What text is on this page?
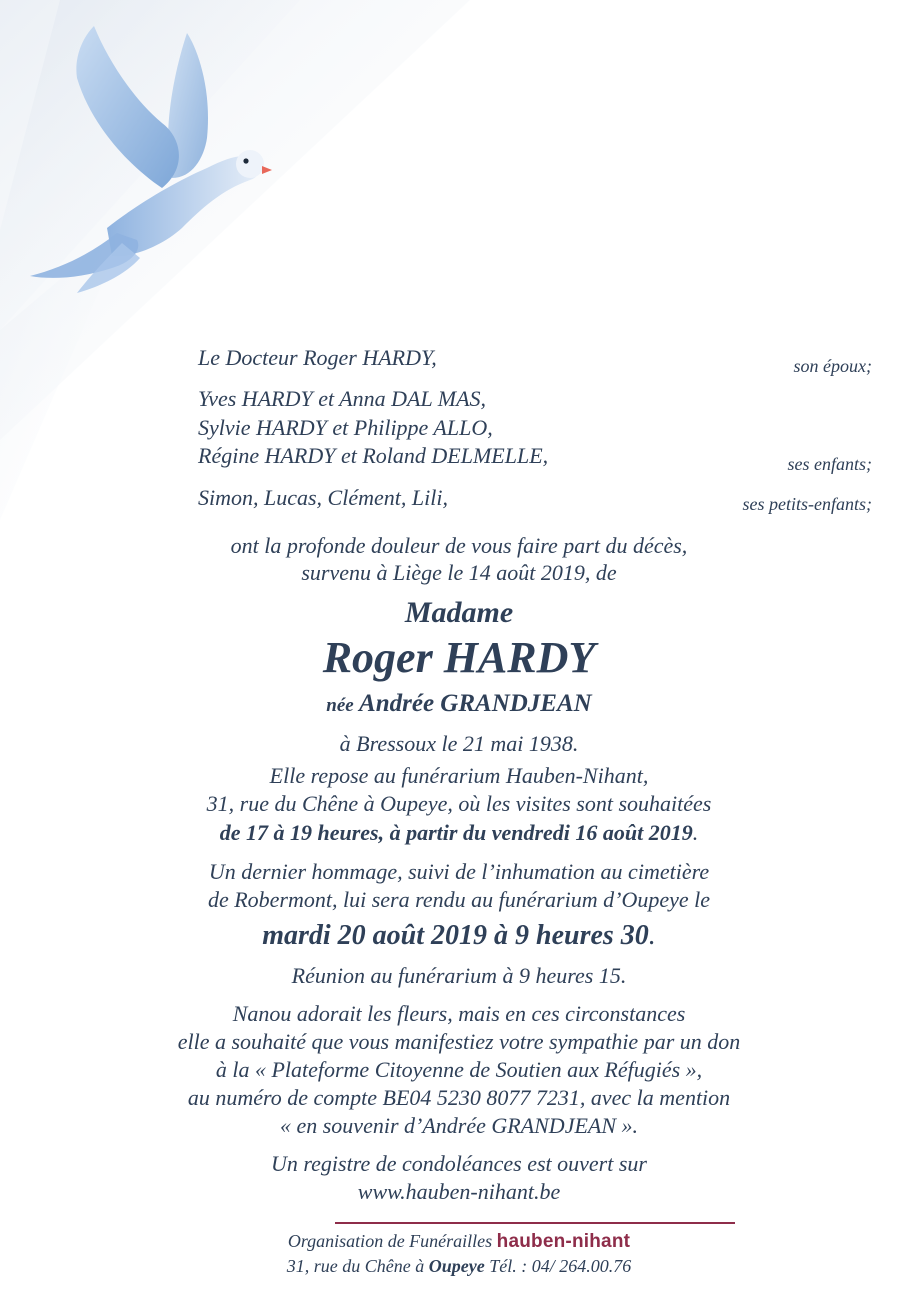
Le Docteur Roger HARDY,	son époux;
Yves HARDY et Anna DAL MAS,
Sylvie HARDY et Philippe ALLO,
Régine HARDY et Roland DELMELLE,	ses enfants;
Simon, Lucas, Clément, Lili,	ses petits-enfants;
ont la profonde douleur de vous faire part du décès,
survenu à Liège le 14 août 2019, de
Madame
Roger HARDY
née Andrée GRANDJEAN
à Bressoux le 21 mai 1938.
Elle repose au funérarium Hauben-Nihant,
31, rue du Chêne à Oupeye, où les visites sont souhaitées
de 17 à 19 heures, à partir du vendredi 16 août 2019.
Un dernier hommage, suivi de l’inhumation au cimetière
de Robermont, lui sera rendu au funérarium d’Oupeye le
mardi 20 août 2019 à 9 heures 30.
Réunion au funérarium à 9 heures 15.
Nanou adorait les fleurs, mais en ces circonstances
elle a souhaité que vous manifestiez votre sympathie par un don
à la « Plateforme Citoyenne de Soutien aux Réfugiés »,
au numéro de compte BE04 5230 8077 7231, avec la mention
« en souvenir d’Andrée GRANDJEAN ».
Un registre de condoléances est ouvert sur
www.hauben-nihant.be
Organisation de Funérailles hauben-nihant
31, rue du Chêne à Oupeye Tél. : 04/ 264.00.76
